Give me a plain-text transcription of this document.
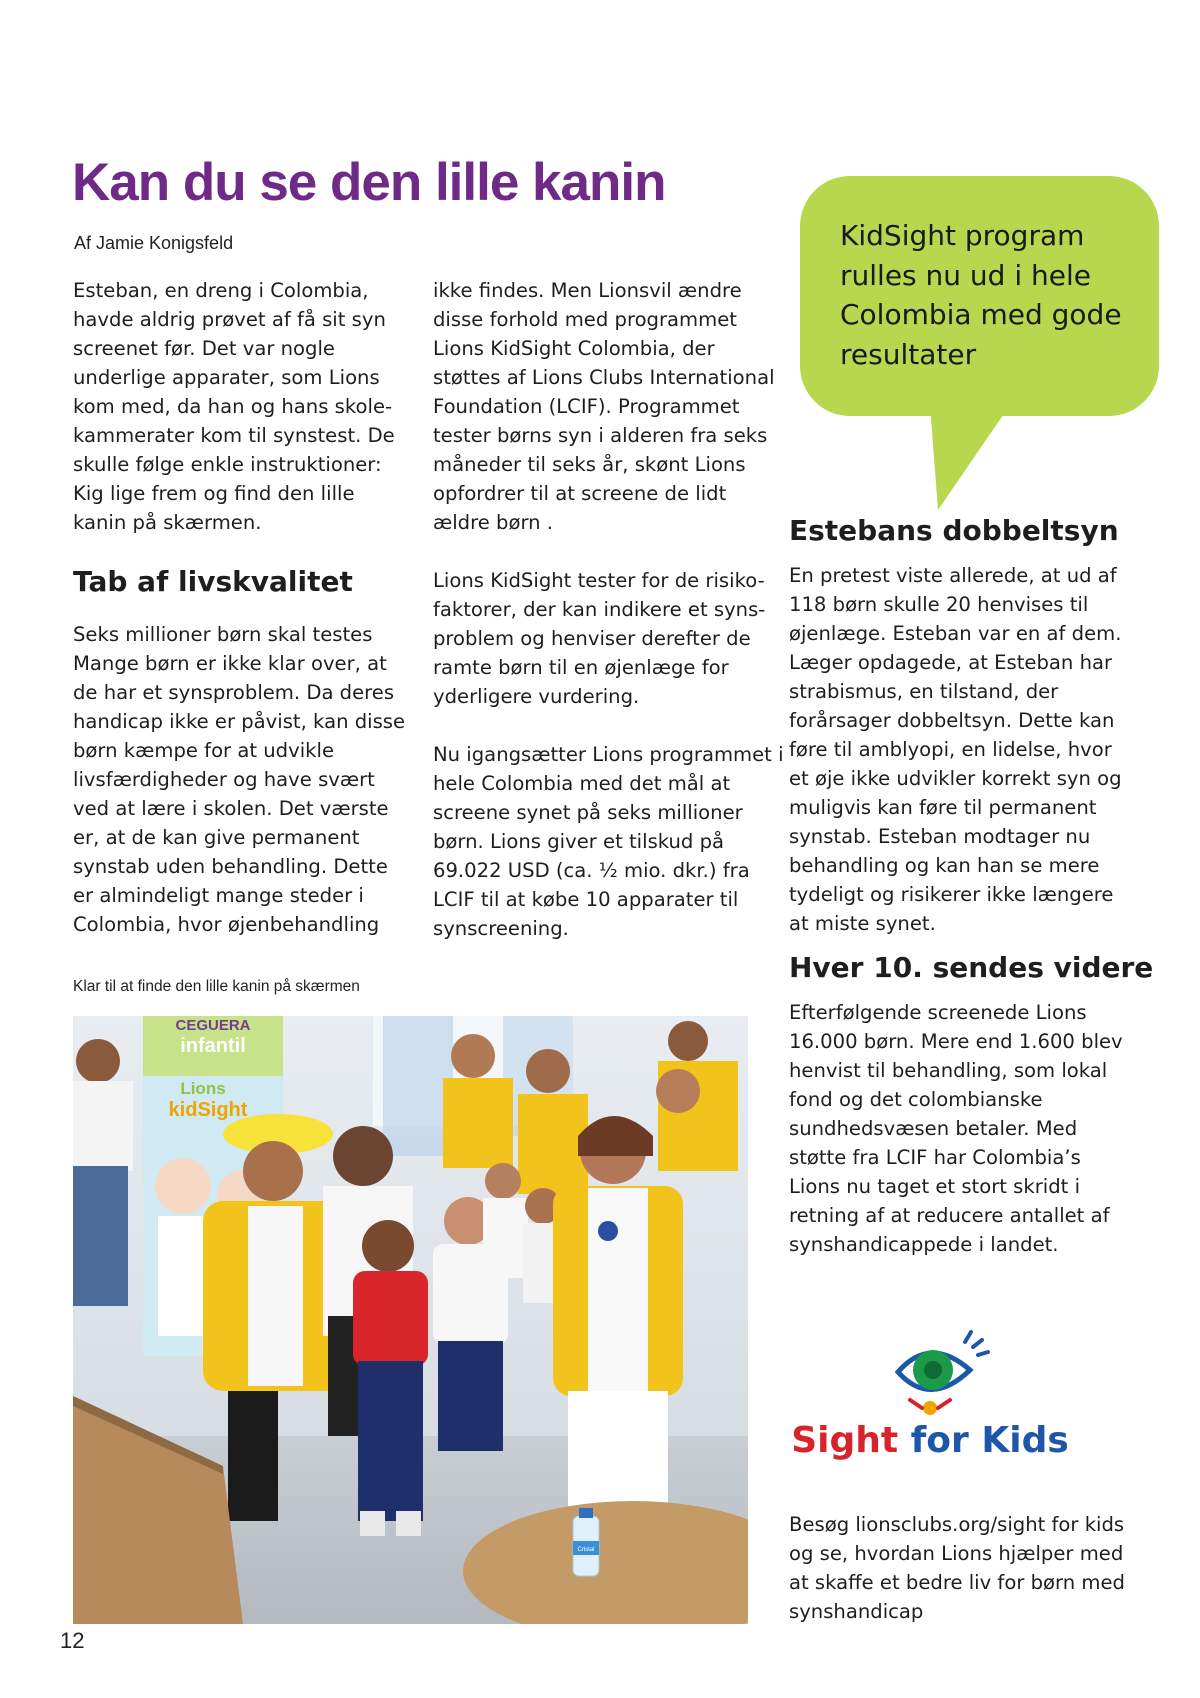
Kan du se den lille kanin
Af Jamie Konigsfeld

Esteban, en dreng i Colombia, havde aldrig prøvet af få sit syn screenet før. Det var nogle underlige apparater, som Lions kom med, da han og hans skole-kammerater kom til synstest. De skulle følge enkle instruktioner: Kig lige frem og find den lille kanin på skærmen.

Tab af livskvalitet

Seks millioner børn skal testes Mange børn er ikke klar over, at de har et synsproblem. Da deres handicap ikke er påvist, kan disse børn kæmpe for at udvikle livsfærdigheder og have svært ved at lære i skolen. Det værste er, at de kan give permanent synstab uden behandling. Dette er almindeligt mange steder i Colombia, hvor øjenbehandling

ikke findes. Men Lionsvil ændre disse forhold med programmet Lions KidSight Colombia, der støttes af Lions Clubs International Foundation (LCIF). Programmet tester børns syn i alderen fra seks måneder til seks år, skønt Lions opfordrer til at screene de lidt ældre børn .

Lions KidSight tester for de risiko-faktorer, der kan indikere et syns-problem og henviser derefter de ramte børn til en øjenlæge for yderligere vurdering.

Nu igangsætter Lions programmet i hele Colombia med det mål at screene synet på seks millioner børn. Lions giver et tilskud på 69.022 USD (ca. ½ mio. dkr.) fra LCIF til at købe 10 apparater til synscreening.

KidSight program rulles nu ud i hele Colombia med gode resultater
Estebans dobbeltsyn

En pretest viste allerede, at ud af 118 børn skulle 20 henvises til øjenlæge. Esteban var en af dem. Læger opdagede, at Esteban har strabismus, en tilstand, der forårsager dobbeltsyn. Dette kan føre til amblyopi, en lidelse, hvor et øje ikke udvikler korrekt syn og muligvis kan føre til permanent synstab. Esteban modtager nu behandling og kan han se mere tydeligt og risikerer ikke længere at miste synet.

Hver 10. sendes videre

Efterfølgende screenede Lions 16.000 børn. Mere end 1.600 blev henvist til behandling, som lokal fond og det colombianske sundhedsvæsen betaler. Med støtte fra LCIF har Colombia’s Lions nu taget et stort skridt i retning af at reducere antallet af synshandicappede i landet.

Klar til at finde den lille kanin på skærmen
CEGUERA
infantil
Lions
kidSight
Cristal
Sight for Kids
Besøg lionsclubs.org/sight for kids og se, hvordan Lions hjælper med at skaffe et bedre liv for børn med synshandicap
12
